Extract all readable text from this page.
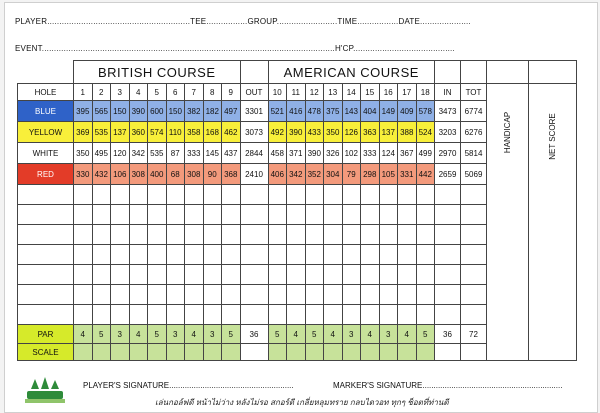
PLAYER...........................................................TEE.................GROUP.........................TIME.................DATE.....................
EVENT.........................................................................................................................H'CP..........................................
	BRITISH COURSE										AMERICAN COURSE												
HOLE	1	2	3	4	5	6	7	8	9	OUT	10	11	12	13	14	15	16	17	18	IN	TOT	HANDICAP	NET SCORE
BLUE	395	565	150	390	600	150	382	182	497	3301	521	416	478	375	143	404	149	409	578	3473	6774		
YELLOW	369	535	137	360	574	110	358	168	462	3073	492	390	433	350	126	363	137	388	524	3203	6276		
WHITE	350	495	120	342	535	87	333	145	437	2844	458	371	390	326	102	333	124	367	499	2970	5814		
RED	330	432	106	308	400	68	308	90	368	2410	406	342	352	304	79	298	105	331	442	2659	5069		

PAR	4	5	3	4	5	3	4	3	5	36	5	4	5	4	3	4	3	4	5	36	72		
SCALE																							
PLAYER'S SIGNATURE........................................................	MARKER'S SIGNATURE...............................................................
เล่นกอล์ฟดี หน้าไม่ว่าง หลังไม่รอ สกอร์ดี เกลี่ยหลุมทราย กลบไดวอท ทุกๆ ช็อตที่ท่านตี
